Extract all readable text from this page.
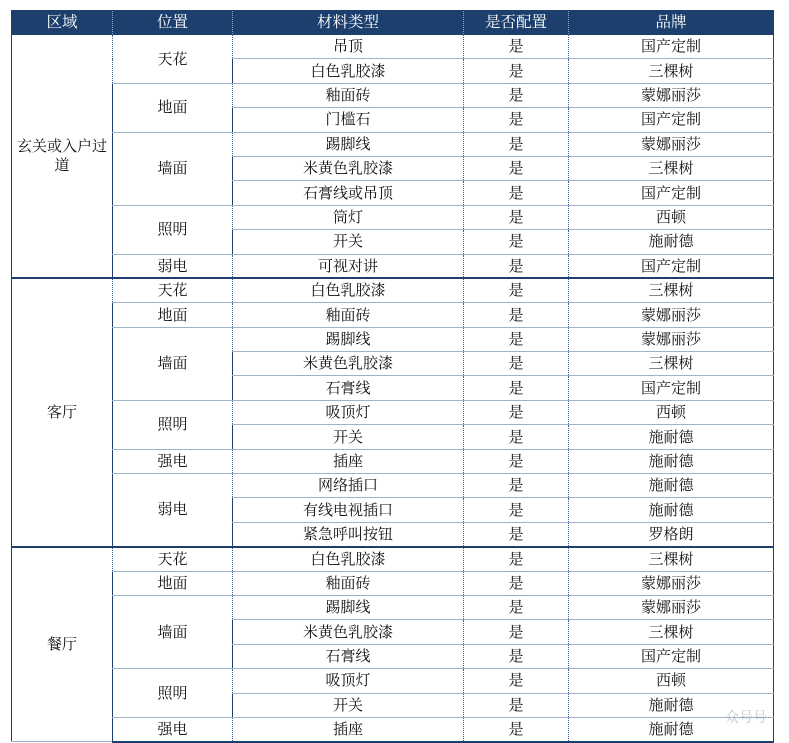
区域	位置	材料类型	是否配置	品牌
玄关或入户过道	天花	吊顶	是	国产定制
		白色乳胶漆	是	三棵树
	地面	釉面砖	是	蒙娜丽莎
		门槛石	是	国产定制
	墙面	踢脚线	是	蒙娜丽莎
		米黄色乳胶漆	是	三棵树
		石膏线或吊顶	是	国产定制
	照明	筒灯	是	西顿
		开关	是	施耐德
	弱电	可视对讲	是	国产定制
客厅	天花	白色乳胶漆	是	三棵树
	地面	釉面砖	是	蒙娜丽莎
	墙面	踢脚线	是	蒙娜丽莎
		米黄色乳胶漆	是	三棵树
		石膏线	是	国产定制
	照明	吸顶灯	是	西顿
		开关	是	施耐德
	强电	插座	是	施耐德
	弱电	网络插口	是	施耐德
		有线电视插口	是	施耐德
		紧急呼叫按钮	是	罗格朗
餐厅	天花	白色乳胶漆	是	三棵树
	地面	釉面砖	是	蒙娜丽莎
	墙面	踢脚线	是	蒙娜丽莎
		米黄色乳胶漆	是	三棵树
		石膏线	是	国产定制
	照明	吸顶灯	是	西顿
		开关	是	施耐德
	强电	插座	是	施耐德
众号号
